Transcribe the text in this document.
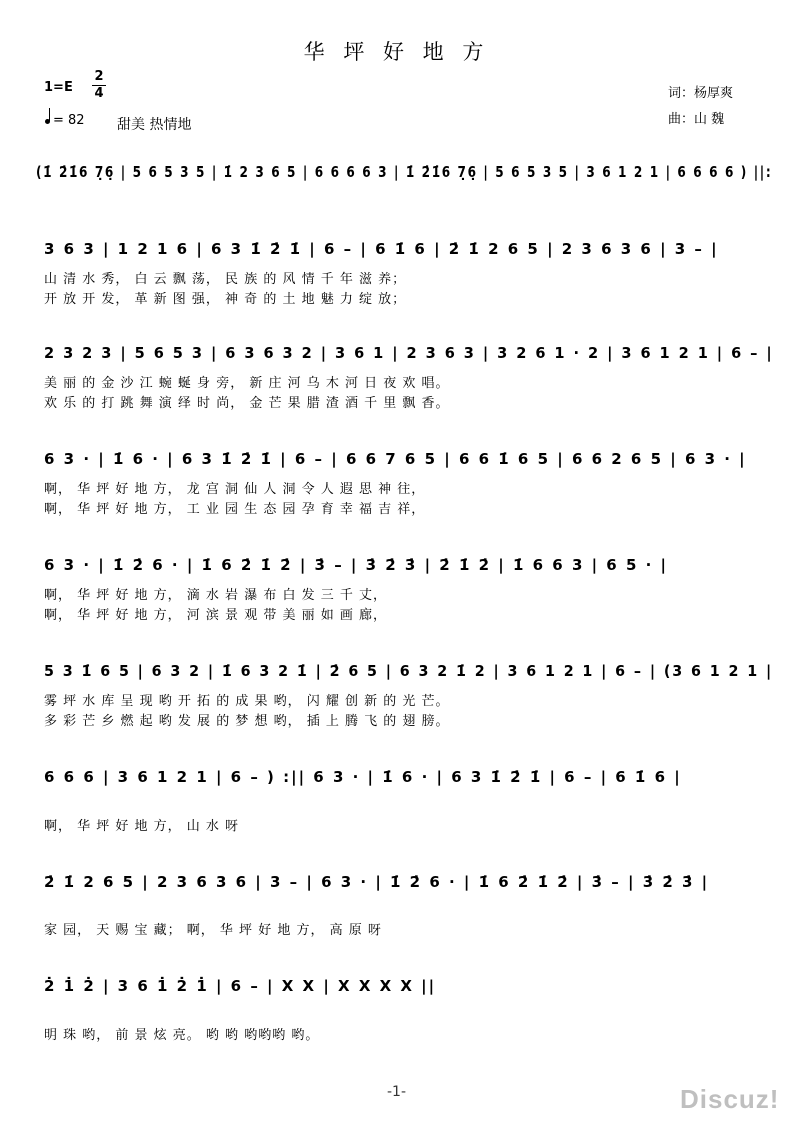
华 坪 好 地 方
1=E
2
4
= 82 甜美 热情地
词：杨厚爽
曲：山 魏
(1̇ 2̇1̇6 7̣6̣ | 5 6 5 3 5 | 1̇ 2 3 6 5 | 6 6 6 6 3 | 1̇ 2̇1̇6 7̣6̣ | 5 6 5 3 5 | 3 6 1 2 1 | 6 6 6 6 ) ||:
3 6 3 | 1 2 1 6 | 6 3 1̇ 2̇ 1̇ | 6 – | 6 1̇ 6 | 2̇ 1̇ 2 6 5 | 2 3 6 3 6 | 3 – |
山 清 水 秀， 白 云 飘 荡， 民 族 的 风 情 千 年 滋 养；
开 放 开 发， 革 新 图 强， 神 奇 的 土 地 魅 力 绽 放；
2 3 2 3 | 5 6 5 3 | 6 3 6 3 2 | 3 6 1 | 2 3 6 3 | 3 2 6 1 · 2 | 3 6 1 2 1 | 6 – |
美 丽 的 金 沙 江 蜿 蜒 身 旁， 新 庄 河 乌 木 河 日 夜 欢 唱。
欢 乐 的 打 跳 舞 演 绎 时 尚， 金 芒 果 腊 渣 酒 千 里 飘 香。
6 3 · | 1̇ 6 · | 6 3 1̇ 2̇ 1̇ | 6 – | 6 6 7 6 5 | 6 6 1̇ 6 5 | 6 6 2 6 5 | 6 3 · |
啊， 华 坪 好 地 方， 龙 宫 洞 仙 人 洞 令 人 遐 思 神 往，
啊， 华 坪 好 地 方， 工 业 园 生 态 园 孕 育 幸 福 吉 祥，
6 3 · | 1̇ 2̇ 6 · | 1̇ 6 2̇ 1̇ 2̇ | 3̇ – | 3̇ 2̇ 3̇ | 2̇ 1̇ 2̇ | 1̇ 6 6 3 | 6 5 · |
啊， 华 坪 好 地 方， 滴 水 岩 瀑 布 白 发 三 千 丈，
啊， 华 坪 好 地 方， 河 滨 景 观 带 美 丽 如 画 廊，
5 3 1̇ 6 5 | 6 3 2 | 1̇ 6 3 2 1̇ | 2̇ 6 5 | 6 3 2 1̇ 2 | 3 6 1 2 1 | 6 – | (3 6 1 2 1 |
雾 坪 水 库 呈 现 哟 开 拓 的 成 果 哟， 闪 耀 创 新 的 光 芒。
多 彩 芒 乡 燃 起 哟 发 展 的 梦 想 哟， 插 上 腾 飞 的 翅 膀。
6 6 6 | 3 6 1 2 1 | 6 – ) :|| 6 3 · | 1̇ 6 · | 6 3 1̇ 2̇ 1̇ | 6 – | 6 1̇ 6 |
啊， 华 坪 好 地 方， 山 水 呀
2̇ 1̇ 2 6 5 | 2 3 6 3 6 | 3 – | 6 3 · | 1̇ 2̇ 6 · | 1̇ 6 2̇ 1̇ 2̇ | 3̇ – | 3̇ 2̇ 3̇ |
家 园， 天 赐 宝 藏； 啊， 华 坪 好 地 方， 高 原 呀
2̇ 1̇ 2̇ | 3 6 1̇ 2̇ 1̇ | 6 – | X X | X X X X ||
明 珠 哟， 前 景 炫 亮。 哟 哟 哟哟哟 哟。
-1-	Discuz!
